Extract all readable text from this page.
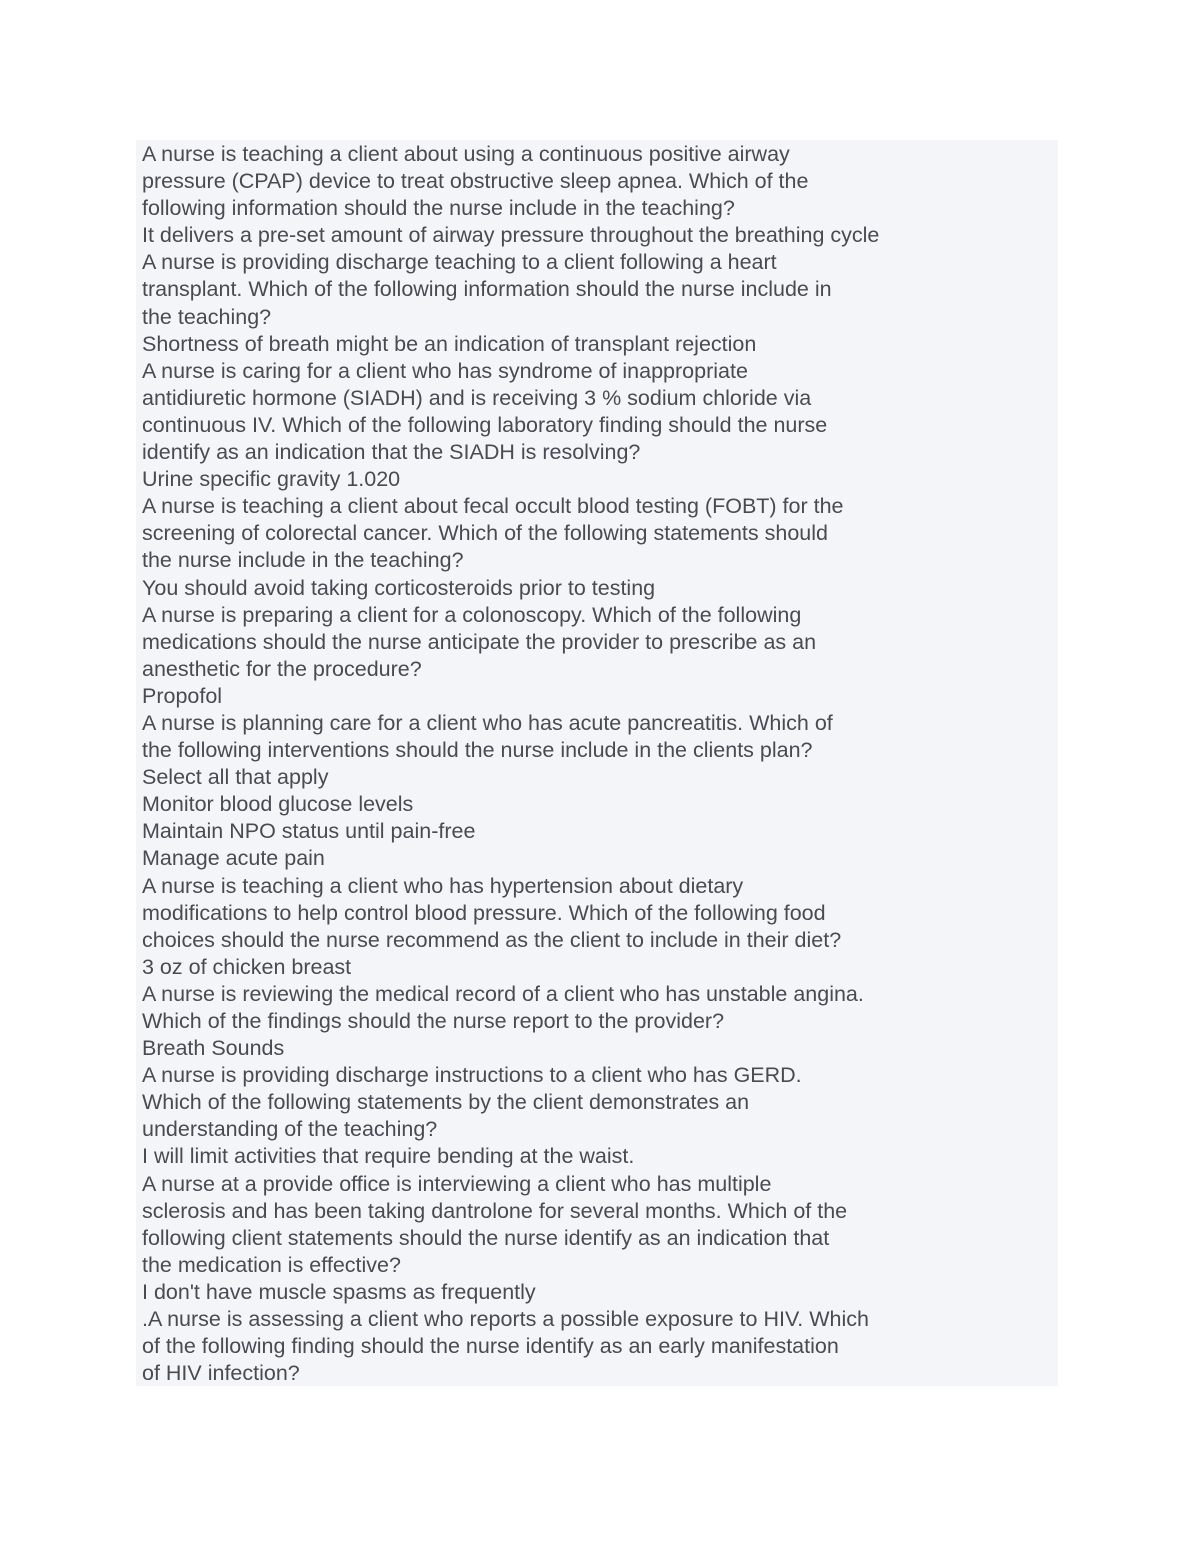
A nurse is teaching a client about using a continuous positive airway
pressure (CPAP) device to treat obstructive sleep apnea. Which of the
following information should the nurse include in the teaching?
It delivers a pre-set amount of airway pressure throughout the breathing cycle
A nurse is providing discharge teaching to a client following a heart
transplant. Which of the following information should the nurse include in
the teaching?
Shortness of breath might be an indication of transplant rejection
A nurse is caring for a client who has syndrome of inappropriate
antidiuretic hormone (SIADH) and is receiving 3 % sodium chloride via
continuous IV. Which of the following laboratory finding should the nurse
identify as an indication that the SIADH is resolving?
Urine specific gravity 1.020
A nurse is teaching a client about fecal occult blood testing (FOBT) for the
screening of colorectal cancer. Which of the following statements should
the nurse include in the teaching?
You should avoid taking corticosteroids prior to testing
A nurse is preparing a client for a colonoscopy. Which of the following
medications should the nurse anticipate the provider to prescribe as an
anesthetic for the procedure?
Propofol
A nurse is planning care for a client who has acute pancreatitis. Which of
the following interventions should the nurse include in the clients plan?
Select all that apply
Monitor blood glucose levels
Maintain NPO status until pain-free
Manage acute pain
A nurse is teaching a client who has hypertension about dietary
modifications to help control blood pressure. Which of the following food
choices should the nurse recommend as the client to include in their diet?
3 oz of chicken breast
A nurse is reviewing the medical record of a client who has unstable angina.
Which of the findings should the nurse report to the provider?
Breath Sounds
A nurse is providing discharge instructions to a client who has GERD.
Which of the following statements by the client demonstrates an
understanding of the teaching?
I will limit activities that require bending at the waist.
A nurse at a provide office is interviewing a client who has multiple
sclerosis and has been taking dantrolone for several months. Which of the
following client statements should the nurse identify as an indication that
the medication is effective?
I don't have muscle spasms as frequently
.A nurse is assessing a client who reports a possible exposure to HIV. Which
of the following finding should the nurse identify as an early manifestation
of HIV infection?
